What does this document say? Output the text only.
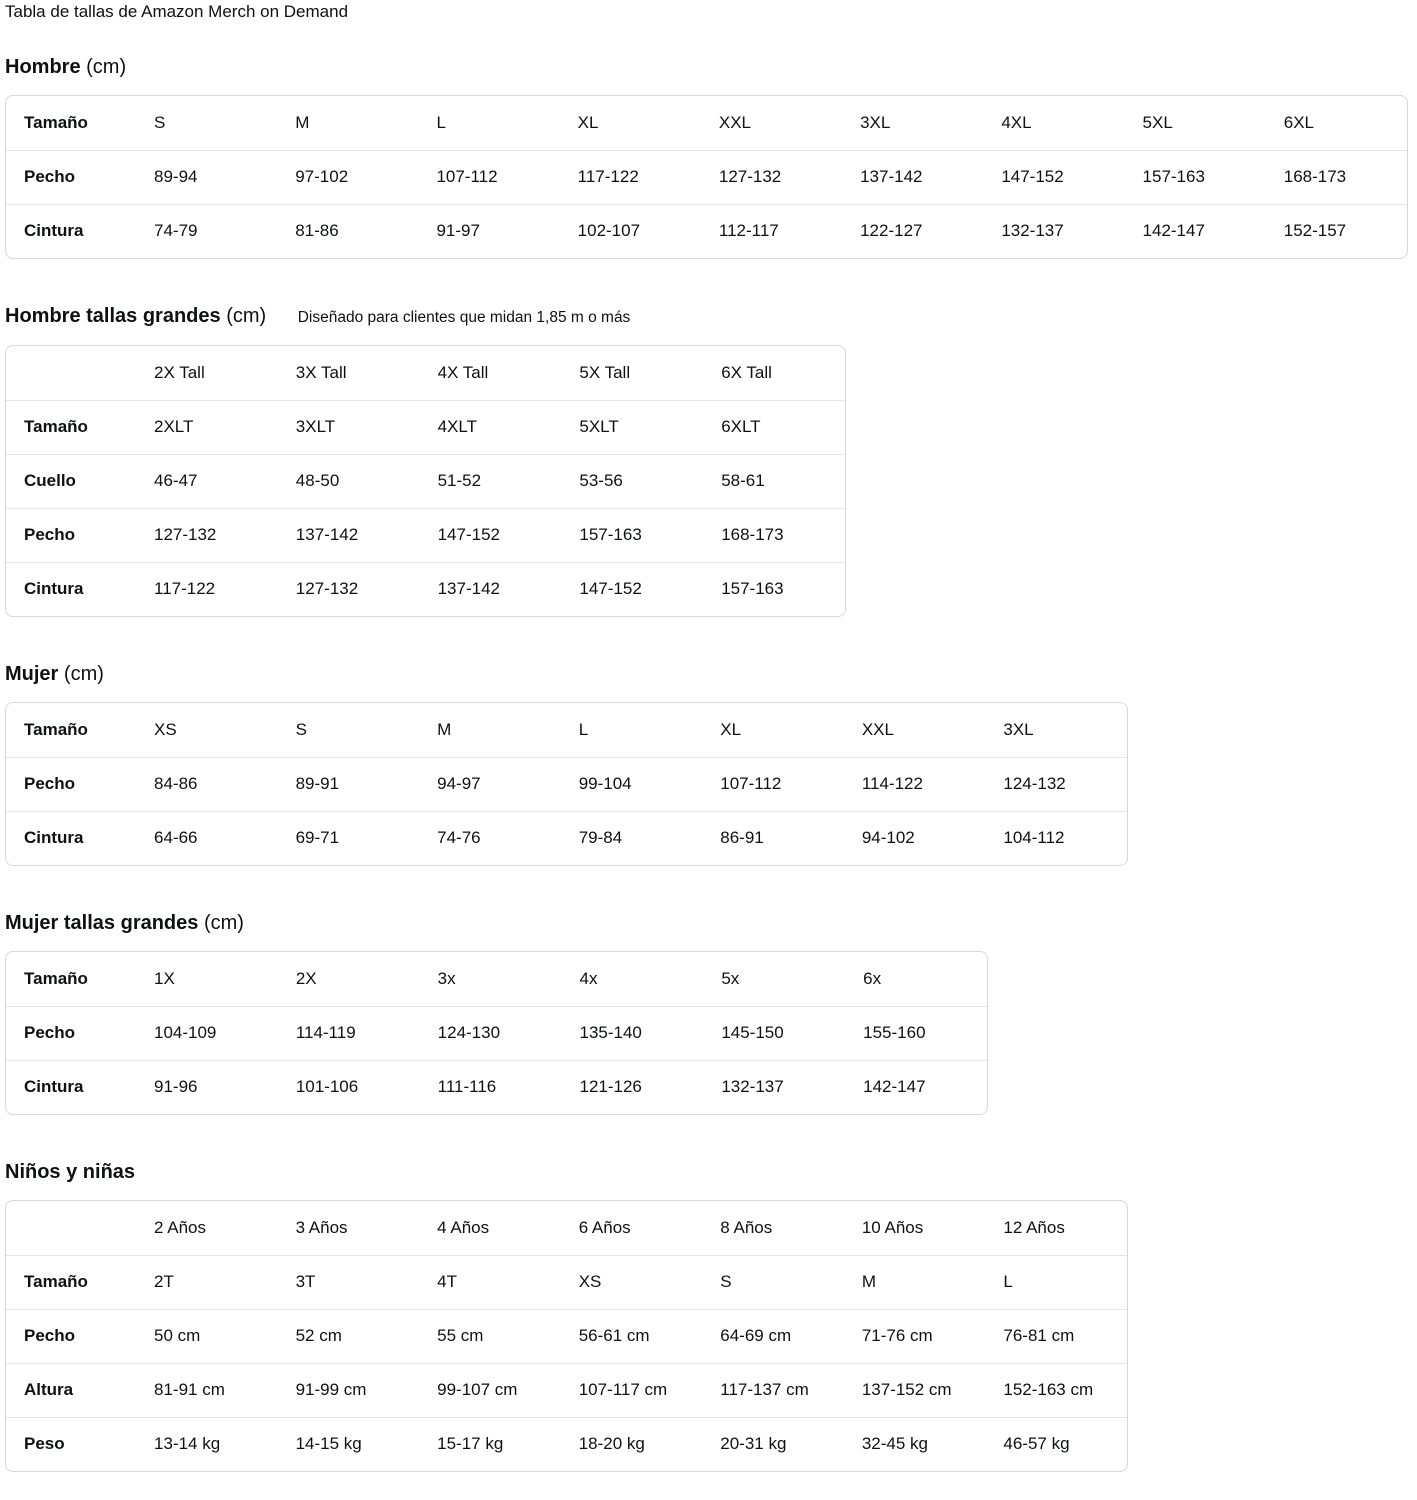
Tabla de tallas de Amazon Merch on Demand

Hombre (cm)
Tamaño	S	M	L	XL	XXL	3XL	4XL	5XL	6XL
Pecho	89-94	97-102	107-112	117-122	127-132	137-142	147-152	157-163	168-173
Cintura	74-79	81-86	91-97	102-107	112-117	122-127	132-137	142-147	152-157
Hombre tallas grandes (cm) Diseñado para clientes que midan 1,85 m o más
	2X Tall	3X Tall	4X Tall	5X Tall	6X Tall
Tamaño	2XLT	3XLT	4XLT	5XLT	6XLT
Cuello	46-47	48-50	51-52	53-56	58-61
Pecho	127-132	137-142	147-152	157-163	168-173
Cintura	117-122	127-132	137-142	147-152	157-163
Mujer (cm)
Tamaño	XS	S	M	L	XL	XXL	3XL
Pecho	84-86	89-91	94-97	99-104	107-112	114-122	124-132
Cintura	64-66	69-71	74-76	79-84	86-91	94-102	104-112
Mujer tallas grandes (cm)
Tamaño	1X	2X	3x	4x	5x	6x
Pecho	104-109	114-119	124-130	135-140	145-150	155-160
Cintura	91-96	101-106	111-116	121-126	132-137	142-147
Niños y niñas
	2 Años	3 Años	4 Años	6 Años	8 Años	10 Años	12 Años
Tamaño	2T	3T	4T	XS	S	M	L
Pecho	50 cm	52 cm	55 cm	56-61 cm	64-69 cm	71-76 cm	76-81 cm
Altura	81-91 cm	91-99 cm	99-107 cm	107-117 cm	117-137 cm	137-152 cm	152-163 cm
Peso	13-14 kg	14-15 kg	15-17 kg	18-20 kg	20-31 kg	32-45 kg	46-57 kg
